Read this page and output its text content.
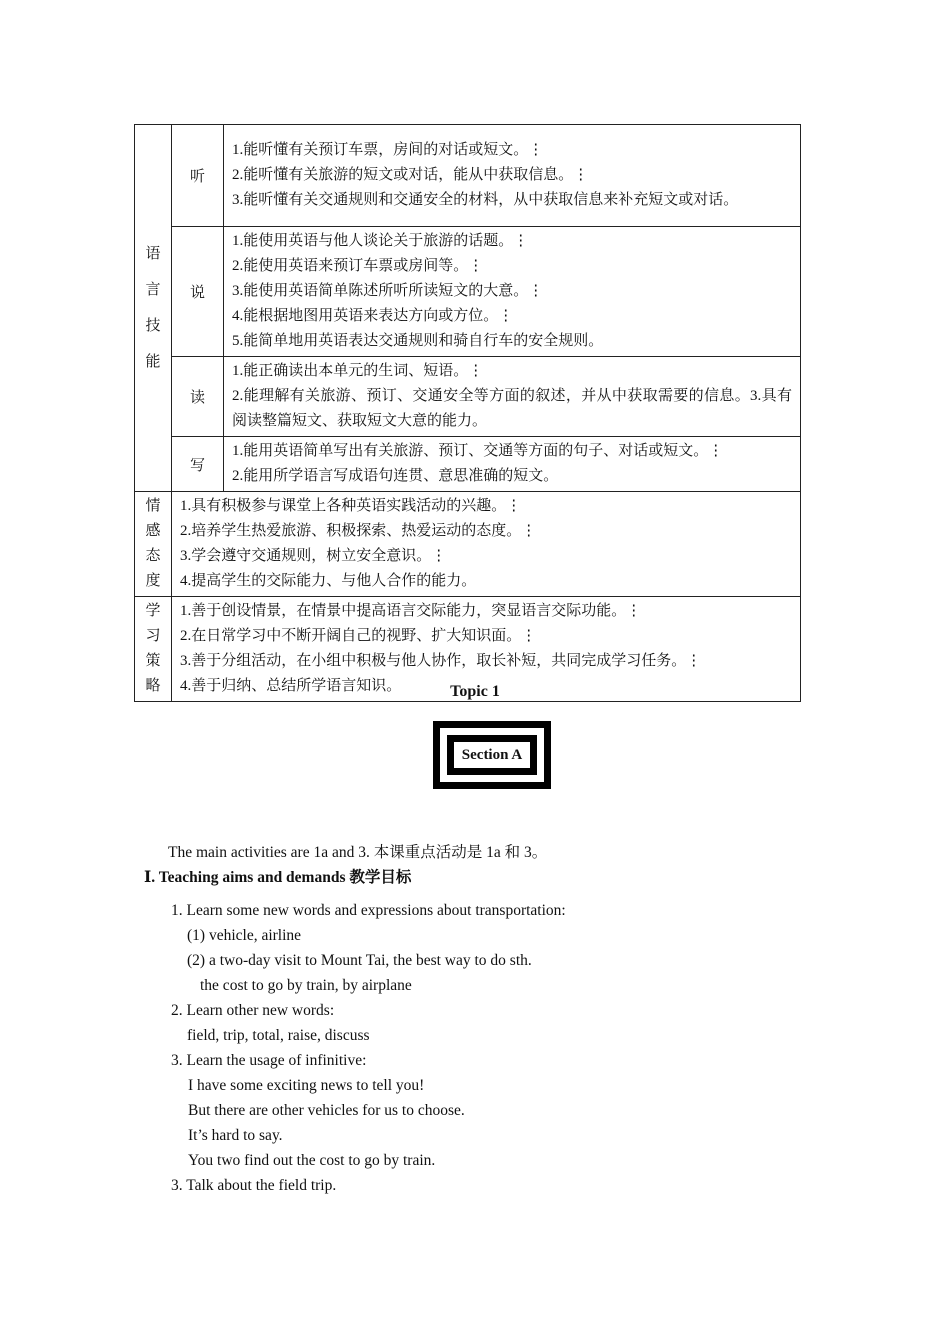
语
言
技
能	听	1.能听懂有关预订车票，房间的对话或短文。⋮
2.能听懂有关旅游的短文或对话，能从中获取信息。⋮
3.能听懂有关交通规则和交通安全的材料，从中获取信息来补充短文或对话。

	说	1.能使用英语与他人谈论关于旅游的话题。⋮
2.能使用英语来预订车票或房间等。⋮
3.能使用英语简单陈述所听所读短文的大意。⋮
4.能根据地图用英语来表达方向或方位。⋮
5.能简单地用英语表达交通规则和骑自行车的安全规则。

	读	1.能正确读出本单元的生词、短语。⋮
2.能理解有关旅游、预订、交通安全等方面的叙述，并从中获取需要的信息。3.具有阅读整篇短文、获取短文大意的能力。

	写	1.能用英语简单写出有关旅游、预订、交通等方面的句子、对话或短文。⋮
2.能用所学语言写成语句连贯、意思准确的短文。

情
感
态
度	1.具有积极参与课堂上各种英语实践活动的兴趣。⋮
2.培养学生热爱旅游、积极探索、热爱运动的态度。⋮
3.学会遵守交通规则，树立安全意识。⋮
4.提高学生的交际能力、与他人合作的能力。	

学
习
策
略	1.善于创设情景，在情景中提高语言交际能力，突显语言交际功能。⋮
2.在日常学习中不断开阔自己的视野、扩大知识面。⋮
3.善于分组活动，在小组中积极与他人协作，取长补短，共同完成学习任务。⋮
4.善于归纳、总结所学语言知识。		Topic 1
Section A
The main activities are 1a and 3. 本课重点活动是 1a 和 3。
Ⅰ. Teaching aims and demands 教学目标
1. Learn some new words and expressions about transportation:
(1) vehicle, airline
(2) a two-day visit to Mount Tai, the best way to do sth.
the cost to go by train, by airplane
2. Learn other new words:
field, trip, total, raise, discuss
3. Learn the usage of infinitive:
I have some exciting news to tell you!
But there are other vehicles for us to choose.
It’s hard to say.
You two find out the cost to go by train.
3. Talk about the field trip.
